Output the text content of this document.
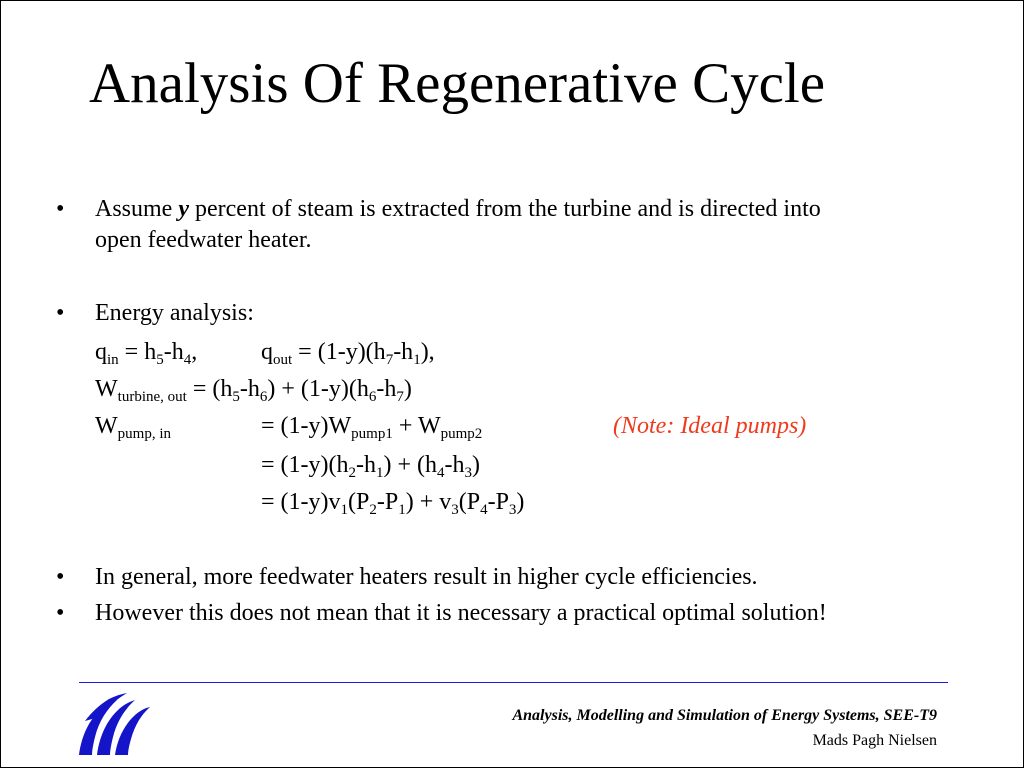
Analysis Of Regenerative Cycle
• Assume y percent of steam is extracted from the turbine and is directed into
open feedwater heater.
• Energy analysis:
$q_{in} = h_5-h_4$,	$q_{out} = (1-y)(h_7-h_1)$,
$W_{turbine, out} = (h_5-h_6) + (1-y)(h_6-h_7)$
$W_{pump, in}$	= $(1-y)W_{pump1} + W_{pump2}$	(Note: Ideal pumps)
= $(1-y)(h_2-h_1) + (h_4-h_3)$
= $(1-y)v_1(P_2-P_1) + v_3(P_4-P_3)$
• In general, more feedwater heaters result in higher cycle efficiencies.
• However this does not mean that it is necessary a practical optimal solution!
Analysis, Modelling and Simulation of Energy Systems, SEE-T9
Mads Pagh Nielsen
